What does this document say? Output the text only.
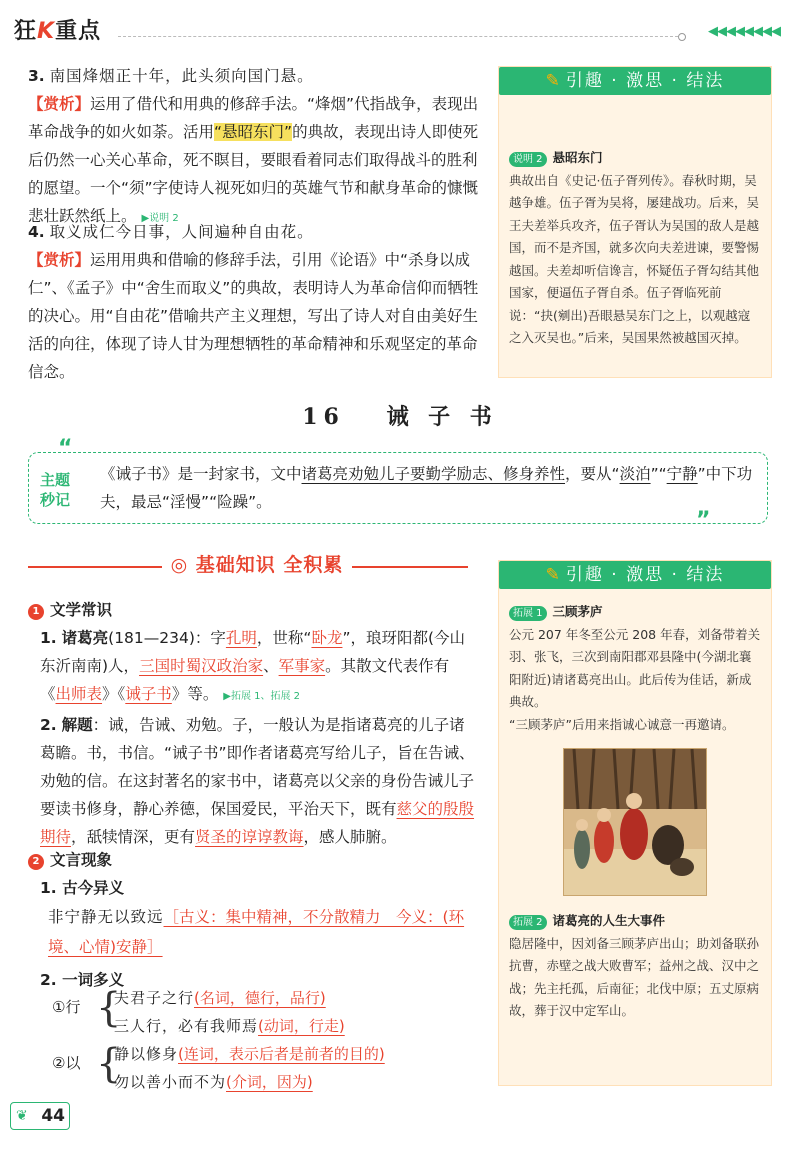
狂K重点	◀◀◀◀◀◀◀◀
3. 南国烽烟正十年，此头须向国门悬。
【赏析】运用了借代和用典的修辞手法。“烽烟”代指战争，表现出革命战争的如火如荼。活用“悬昭东门”的典故，表现出诗人即使死后仍然一心关心革命，死不瞑目，要眼看着同志们取得战斗的胜利的愿望。一个“须”字使诗人视死如归的英雄气节和献身革命的慷慨悲壮跃然纸上。 ▶说明 2
4. 取义成仁今日事，人间遍种自由花。
【赏析】运用用典和借喻的修辞手法，引用《论语》中“杀身以成仁”、《孟子》中“舍生而取义”的典故，表明诗人为革命信仰而牺牲的决心。用“自由花”借喻共产主义理想，写出了诗人对自由美好生活的向往，体现了诗人甘为理想牺牲的革命精神和乐观坚定的革命信念。
✎ 引趣 · 激思 · 结法
说明 2 悬昭东门
典故出自《史记·伍子胥列传》。春秋时期，吴越争雄。伍子胥为吴将，屡建战功。后来，吴王夫差举兵攻齐，伍子胥认为吴国的敌人是越国，而不是齐国，就多次向夫差进谏，要警惕越国。夫差却听信谗言，怀疑伍子胥勾结其他国家，便逼伍子胥自杀。伍子胥临死前说：“抉(剜出)吾眼悬吴东门之上，以观越寇之入灭吴也。”后来，吴国果然被越国灭掉。
16　 诫 子 书
“
”
主题
秒记
《诫子书》是一封家书，文中诸葛亮劝勉儿子要勤学励志、修身养性，要从“淡泊”“宁静”中下功夫，最忌“淫慢”“险躁”。
◎ 基础知识 全积累
1 文学常识
1. 诸葛亮(181—234)：字孔明，世称“卧龙”，琅玡阳都(今山东沂南南)人，三国时蜀汉政治家、军事家。其散文代表作有《出师表》《诫子书》等。 ▶拓展 1、拓展 2
2. 解题：诫，告诫、劝勉。子，一般认为是指诸葛亮的儿子诸葛瞻。书，书信。“诫子书”即作者诸葛亮写给儿子，旨在告诫、劝勉的信。在这封著名的家书中，诸葛亮以父亲的身份告诫儿子要读书修身，静心养德，保国爱民，平治天下，既有慈父的殷殷期待，舐犊情深，更有贤圣的谆谆教诲，感人肺腑。
2 文言现象
1. 古今异义
非宁静无以致远［古义：集中精神，不分散精力　今义：(环境、心情)安静］
2. 一词多义
①行 {
夫君子之行(名词，德行，品行)
三人行，必有我师焉(动词，行走)
②以 {
静以修身(连词，表示后者是前者的目的)
勿以善小而不为(介词，因为)
✎ 引趣 · 激思 · 结法
拓展 1 三顾茅庐
公元 207 年冬至公元 208 年春，刘备带着关羽、张飞，三次到南阳郡邓县隆中(今湖北襄阳附近)请诸葛亮出山。此后传为佳话，新成典故。
“三顾茅庐”后用来指诚心诚意一再邀请。
拓展 2 诸葛亮的人生大事件
隐居隆中，因刘备三顾茅庐出山；助刘备联孙抗曹，赤壁之战大败曹军；益州之战、汉中之战；先主托孤，后南征；北伐中原；五丈原病故，葬于汉中定军山。
44
❦
